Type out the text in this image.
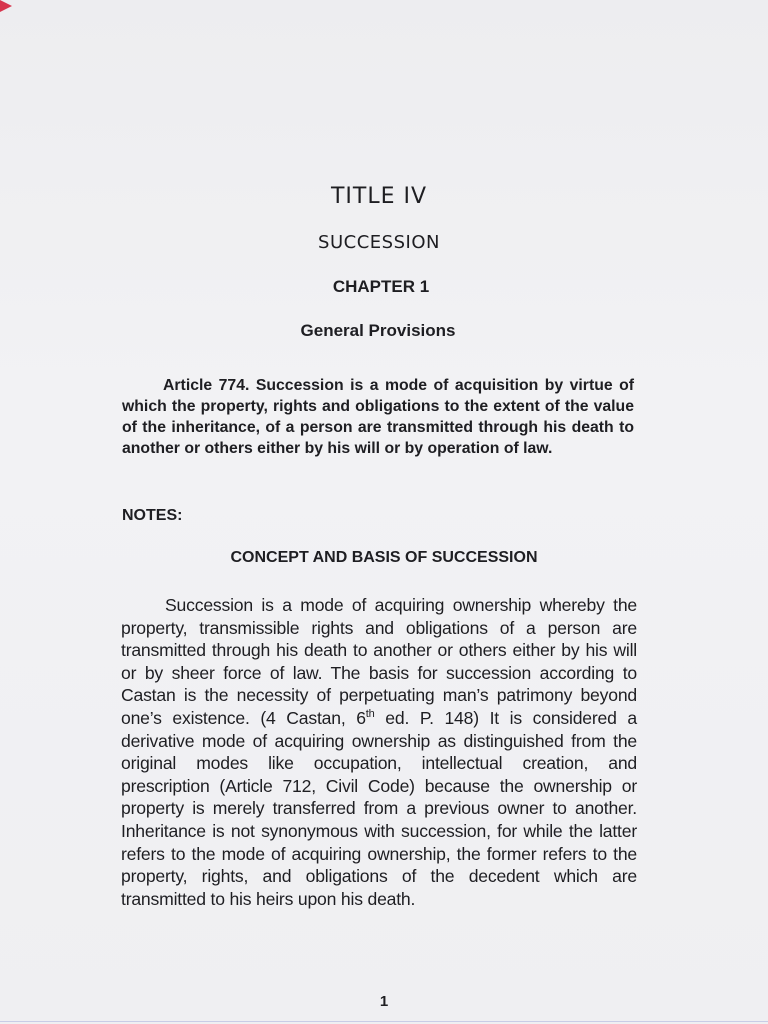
TITLE IV
SUCCESSION
CHAPTER 1
General Provisions

Article 774. Succession is a mode of acquisition by virtue of which the property, rights and obligations to the extent of the value of the inheritance, of a person are transmitted through his death to another or others either by his will or by operation of law.

NOTES:

CONCEPT AND BASIS OF SUCCESSION

Succession is a mode of acquiring ownership whereby the property, transmissible rights and obligations of a person are transmitted through his death to another or others either by his will or by sheer force of law. The basis for succession according to Castan is the necessity of perpetuating man’s patrimony beyond one’s existence. (4 Castan, 6th ed. P. 148) It is considered a derivative mode of acquiring ownership as distinguished from the original modes like occupation, intellectual creation, and prescription (Article 712, Civil Code) because the ownership or property is merely transferred from a previous owner to another. Inheritance is not synonymous with succession, for while the latter refers to the mode of acquiring ownership, the former refers to the property, rights, and obligations of the decedent which are transmitted to his heirs upon his death.

1
